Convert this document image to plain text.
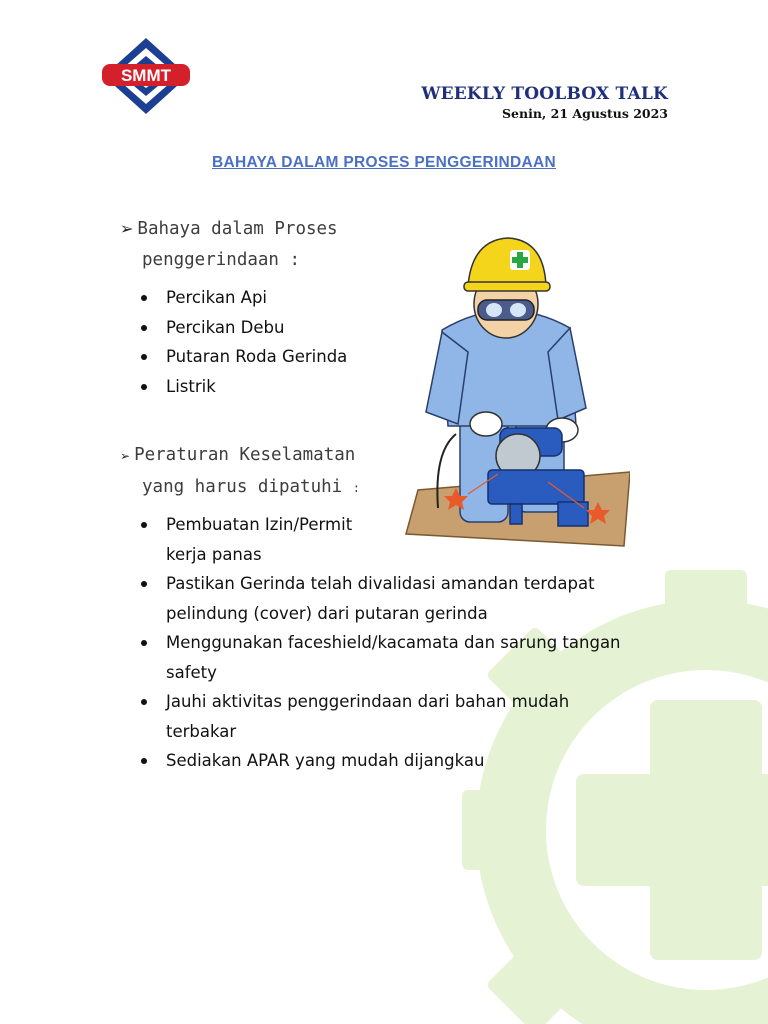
SMMT
WEEKLY TOOLBOX TALK
Senin, 21 Agustus 2023
BAHAYA DALAM PROSES PENGGERINDAAN
➢ Bahaya dalam Proses
penggerindaan :
Percikan Api
Percikan Debu
Putaran Roda Gerinda
Listrik
➢ Peraturan Keselamatan
yang harus dipatuhi :
Pembuatan Izin/Permit
kerja panas
Pastikan Gerinda telah divalidasi amandan terdapat
pelindung (cover) dari putaran gerinda
Menggunakan faceshield/kacamata dan sarung tangan
safety
Jauhi aktivitas penggerindaan dari bahan mudah
terbakar
Sediakan APAR yang mudah dijangkau
